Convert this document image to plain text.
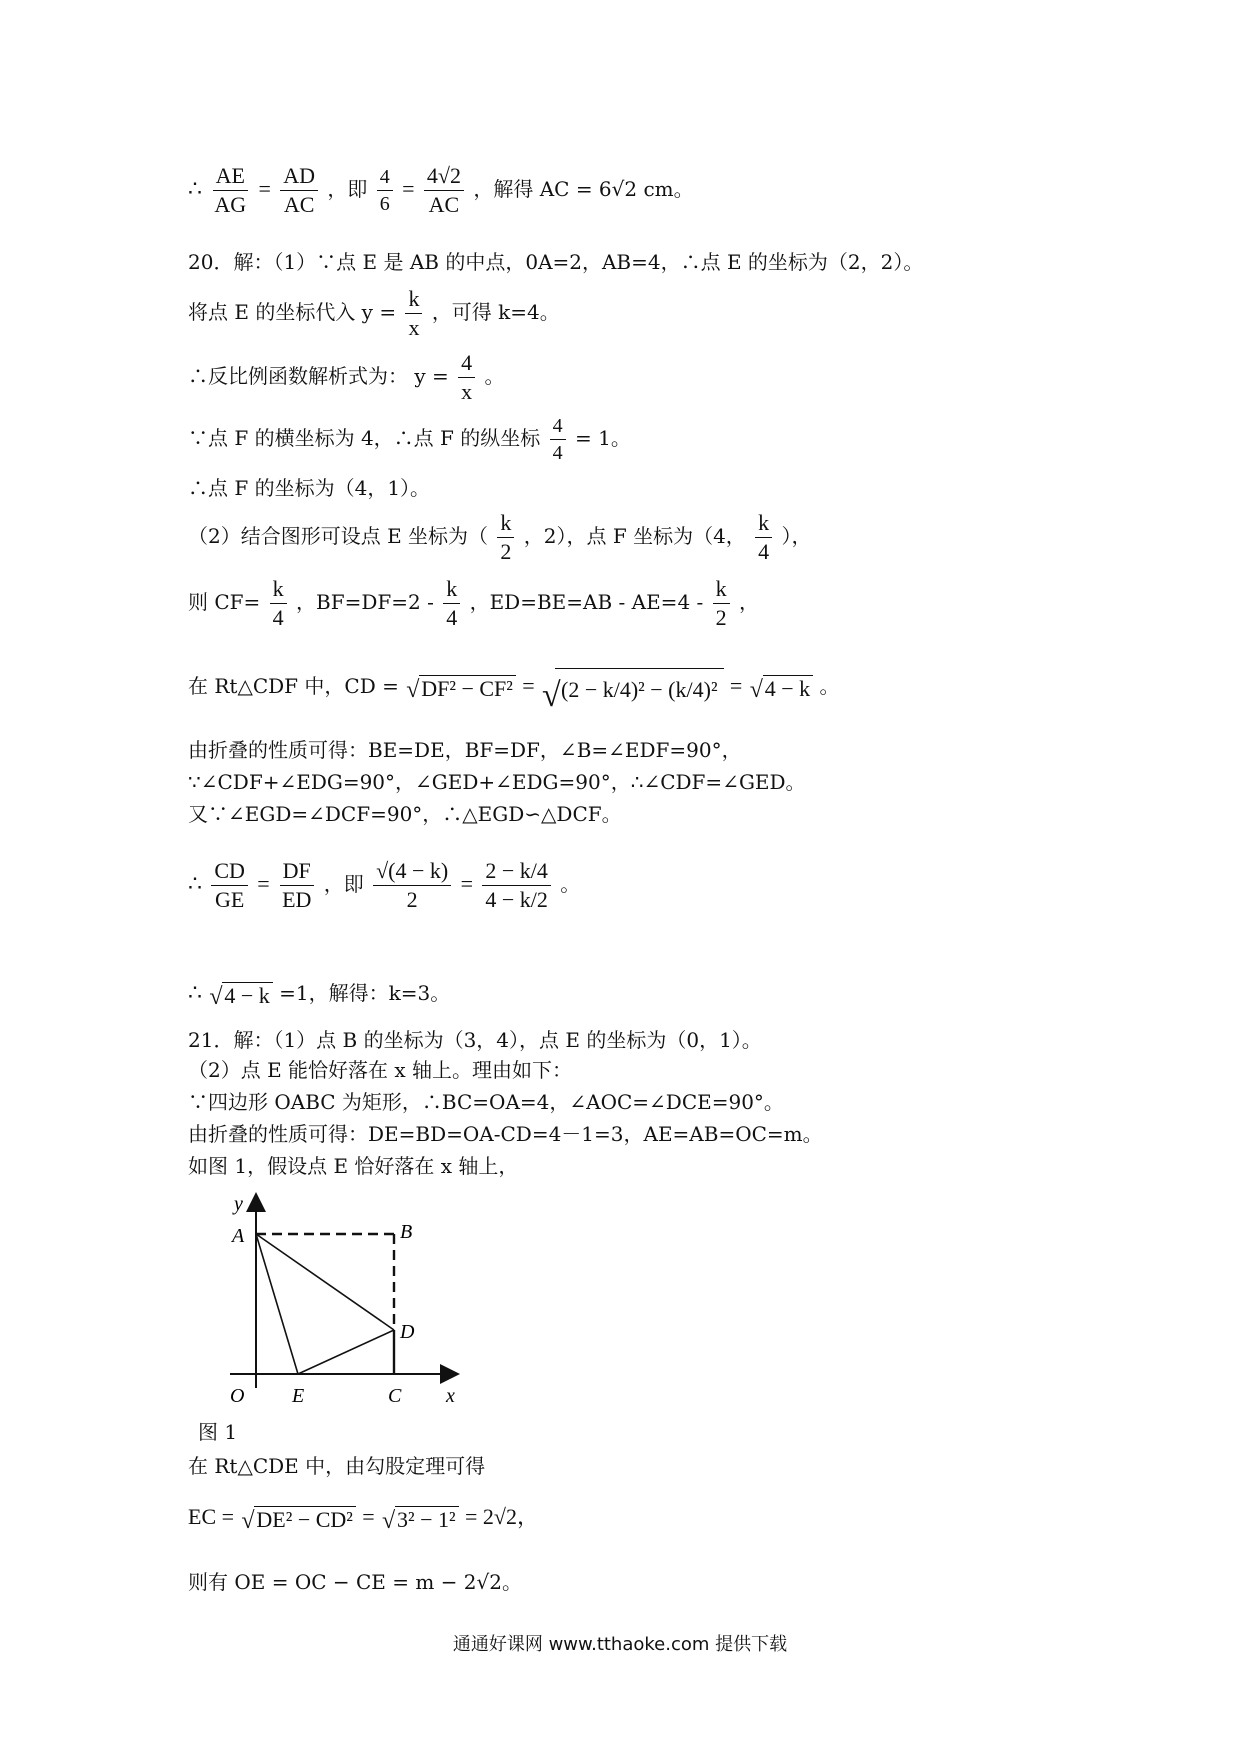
∴ $\frac{AE}{AG} = \frac{AD}{AC}$ ，即 $\frac{4}{6} = \frac{4√2}{AC}$ ，解得 AC = 6√2 cm。
20．解：（1）∵点 E 是 AB 的中点，0A=2，AB=4，∴点 E 的坐标为（2，2）。
将点 E 的坐标代入 $y = \frac{k}{x}$ ，可得 k=4。
∴反比例函数解析式为： $y = \frac{4}{x}$ 。
∵点 F 的横坐标为 4，∴点 F 的纵坐标 $\frac{4}{4} = 1$。
∴点 F 的坐标为（4，1）。
（2）结合图形可设点 E 坐标为（ $\frac{k}{2}$ ，2），点 F 坐标为（4， $\frac{k}{4}$ ），
则 $CF= \frac{k}{4}$ ，$BF=DF=2 - \frac{k}{4}$ ，$ED=BE=AB - AE=4 - \frac{k}{2}$ ，
在 Rt△CDF 中，CD = √ DF² − CF² = √ (2 − k/4)² − (k/4)² = √ 4 − k 。
由折叠的性质可得：BE=DE，BF=DF，∠B=∠EDF=90°，
∵∠CDF+∠EDG=90°，∠GED+∠EDG=90°，∴∠CDF=∠GED。
又∵∠EGD=∠DCF=90°，∴△EGD∽△DCF。
∴ $\frac{CD}{GE} = \frac{DF}{ED}$ ，即 $\frac{√(4 - k)}{2} = \frac{2 - k/4}{4 - k/2}$ 。
∴ √ 4 − k =1，解得：k=3。
21．解：（1）点 B 的坐标为（3，4），点 E 的坐标为（0，1）。
（2）点 E 能恰好落在 x 轴上。理由如下：
∵四边形 OABC 为矩形，∴BC=OA=4，∠AOC=∠DCE=90°。
由折叠的性质可得：DE=BD=OA-CD=4－1=3，AE=AB=OC=m。
如图 1，假设点 E 恰好落在 x 轴上，
y
A	B
D
O E	C x
图 1
在 Rt△CDE 中，由勾股定理可得
EC = √ DE² − CD² = √ 3² − 1² = 2√2，
则有 OE = OC − CE = m − 2√2。
通通好课网 www.tthaoke.com 提供下载
